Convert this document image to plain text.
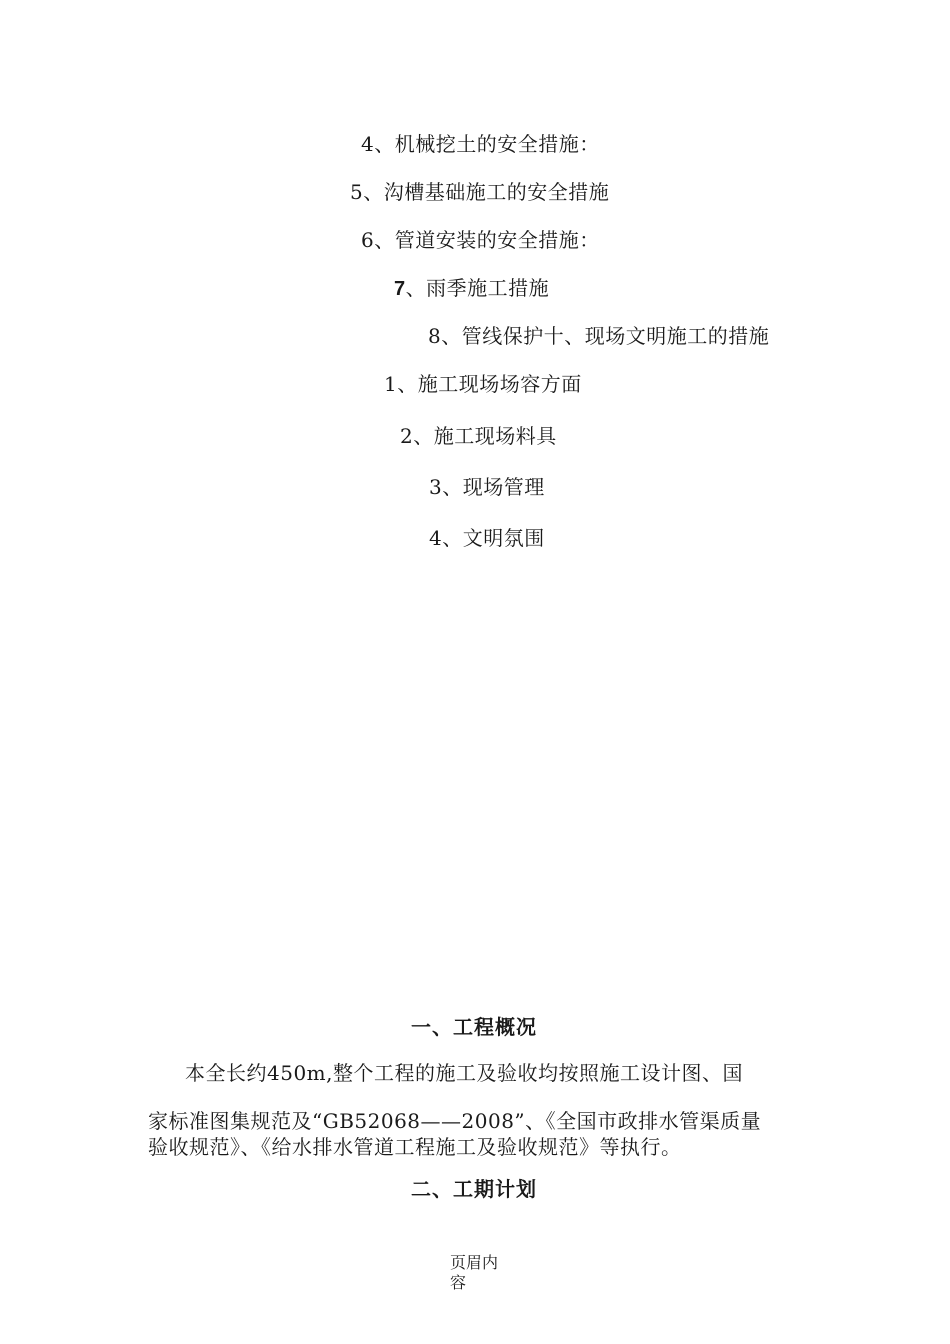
4、机械挖土的安全措施：
5、沟槽基础施工的安全措施
6、管道安装的安全措施：
7、雨季施工措施
8、管线保护十、现场文明施工的措施
1、施工现场场容方面
2、施工现场料具
3、现场管理
4、文明氛围
一、工程概况
本全长约450m,整个工程的施工及验收均按照施工设计图、国
家标准图集规范及“GB52068——2008”、《全国市政排水管渠质量
验收规范》、《给水排水管道工程施工及验收规范》等执行。
二、工期计划
页眉内容
